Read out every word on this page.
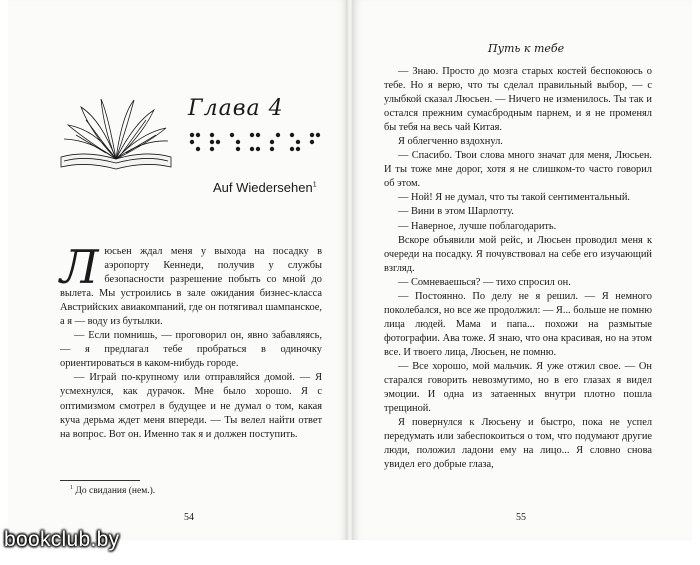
Глава 4
Auf Wiedersehen$^1$
Л юсьен ждал меня у выхода на посадку в аэропорту Кеннеди, получив у службы безопасности разрешение побыть со мной до вылета. Мы устроились в зале ожидания бизнес-класса Австрийских авиакомпаний, где он потягивал шампанское, а я — воду из бутылки.

— Если помнишь, — проговорил он, явно забавляясь, — я предлагал тебе пробраться в одиночку ориентироваться в каком-нибудь городе.

— Играй по-крупному или отправляйся домой. — Я усмехнулся, как дурачок. Мне было хорошо. Я с оптимизмом смотрел в будущее и не думал о том, какая куча дерьма ждет меня впереди. — Ты велел найти ответ на вопрос. Вот он. Именно так я и должен поступить.

$^1$ До свидания (нем.).
54
Путь к тебе

— Знаю. Просто до мозга старых костей беспокоюсь о тебе. Но я верю, что ты сделал правильный выбор, — с улыбкой сказал Люсьен. — Ничего не изменилось. Ты так и остался прежним сумасбродным парнем, и я не променял бы тебя на весь чай Китая.

Я облегченно вздохнул.

— Спасибо. Твои слова много значат для меня, Люсьен. И ты тоже мне дорог, хотя я не слишком-то часто говорил об этом.

— Ной! Я не думал, что ты такой сентиментальный.

— Вини в этом Шарлотту.

— Наверное, лучше поблагодарить.

Вскоре объявили мой рейс, и Люсьен проводил меня к очереди на посадку. Я почувствовал на себе его изучающий взгляд.

— Сомневаешься? — тихо спросил он.

— Постоянно. По делу не я решил. — Я немного поколебался, но все же продолжил: — Я... больше не помню лица людей. Мама и папа... похожи на размытые фотографии. Ава тоже. Я знаю, что она красивая, но на этом все. И твоего лица, Люсьен, не помню.

— Все хорошо, мой мальчик. Я уже отжил свое. — Он старался говорить невозмутимо, но в его глазах я видел эмоции. И одна из затаенных внутри плотно пошла трещиной.

Я повернулся к Люсьену и быстро, пока не успел передумать или забеспокоиться о том, что подумают другие люди, положил ладони ему на лицо... Я словно снова увидел его добрые глаза,

55
bookclub.by
